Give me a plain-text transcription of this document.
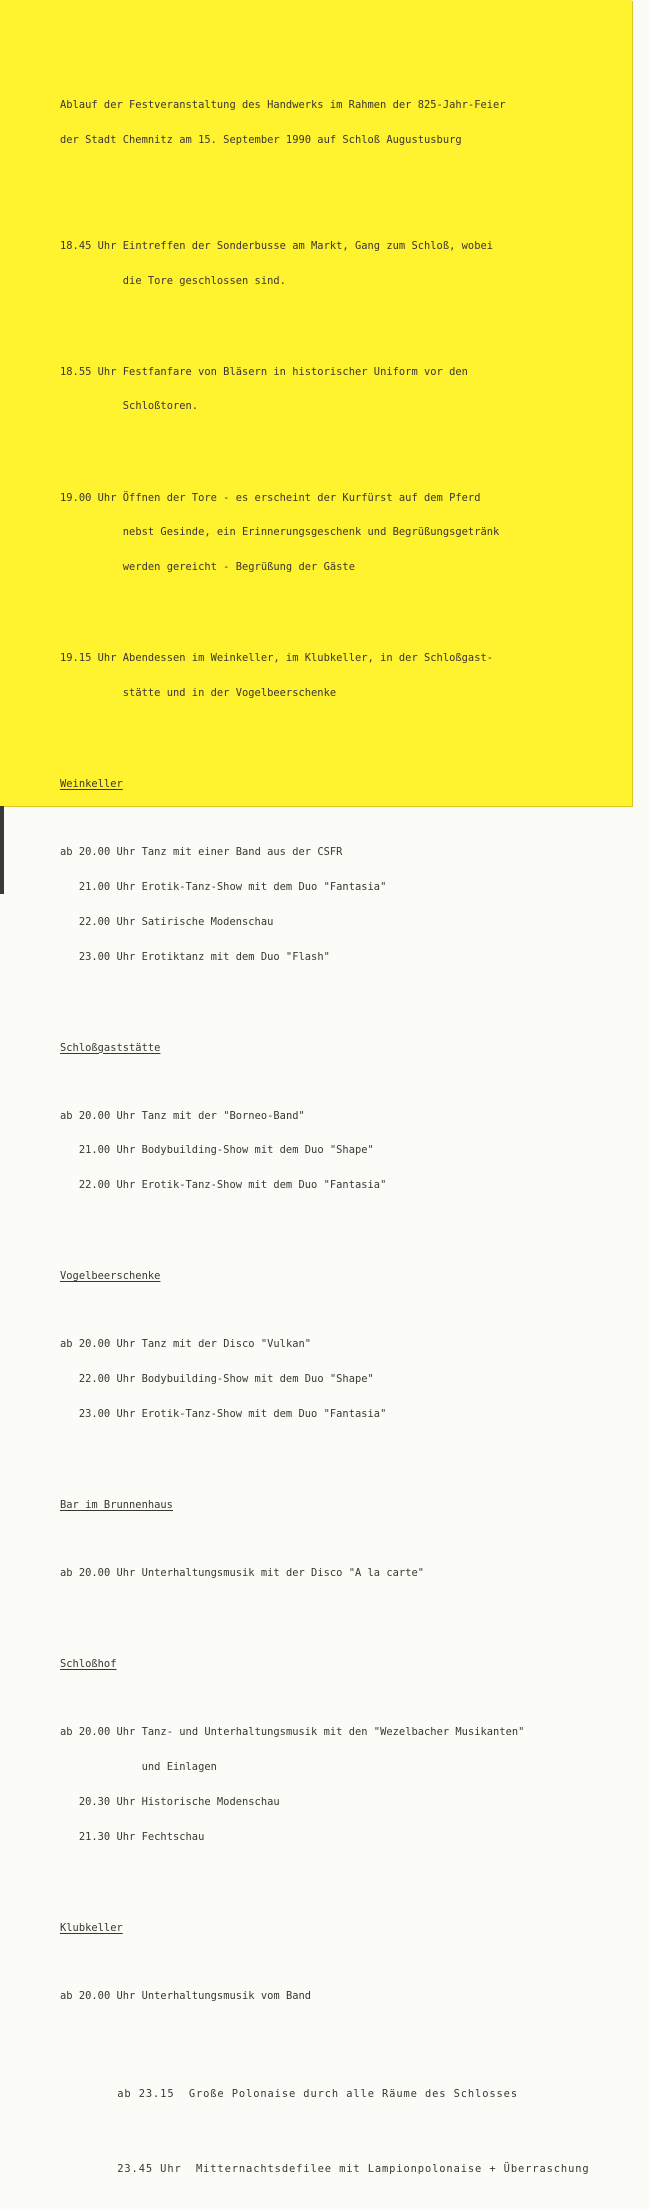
Ablauf der Festveranstaltung des Handwerks im Rahmen der 825-Jahr-Feier

der Stadt Chemnitz am 15. September 1990 auf Schloß Augustusburg

18.45 Uhr Eintreffen der Sonderbusse am Markt, Gang zum Schloß, wobei

die Tore geschlossen sind.

18.55 Uhr Festfanfare von Bläsern in historischer Uniform vor den

Schloßtoren.

19.00 Uhr Öffnen der Tore - es erscheint der Kurfürst auf dem Pferd

nebst Gesinde, ein Erinnerungsgeschenk und Begrüßungsgetränk

werden gereicht - Begrüßung der Gäste

19.15 Uhr Abendessen im Weinkeller, im Klubkeller, in der Schloßgast-

stätte und in der Vogelbeerschenke

Weinkeller

ab 20.00 Uhr Tanz mit einer Band aus der CSFR

21.00 Uhr Erotik-Tanz-Show mit dem Duo "Fantasia"

22.00 Uhr Satirische Modenschau

23.00 Uhr Erotiktanz mit dem Duo "Flash"

Schloßgaststätte

ab 20.00 Uhr Tanz mit der "Borneo-Band"

21.00 Uhr Bodybuilding-Show mit dem Duo "Shape"

22.00 Uhr Erotik-Tanz-Show mit dem Duo "Fantasia"

Vogelbeerschenke

ab 20.00 Uhr Tanz mit der Disco "Vulkan"

22.00 Uhr Bodybuilding-Show mit dem Duo "Shape"

23.00 Uhr Erotik-Tanz-Show mit dem Duo "Fantasia"

Bar im Brunnenhaus

ab 20.00 Uhr Unterhaltungsmusik mit der Disco "A la carte"

Schloßhof

ab 20.00 Uhr Tanz- und Unterhaltungsmusik mit den "Wezelbacher Musikanten"

und Einlagen

20.30 Uhr Historische Modenschau

21.30 Uhr Fechtschau

Klubkeller

ab 20.00 Uhr Unterhaltungsmusik vom Band

ab 23.15 Große Polonaise durch alle Räume des Schlosses

23.45 Uhr Mitternachtsdefilee mit Lampionpolonaise + Überraschung
